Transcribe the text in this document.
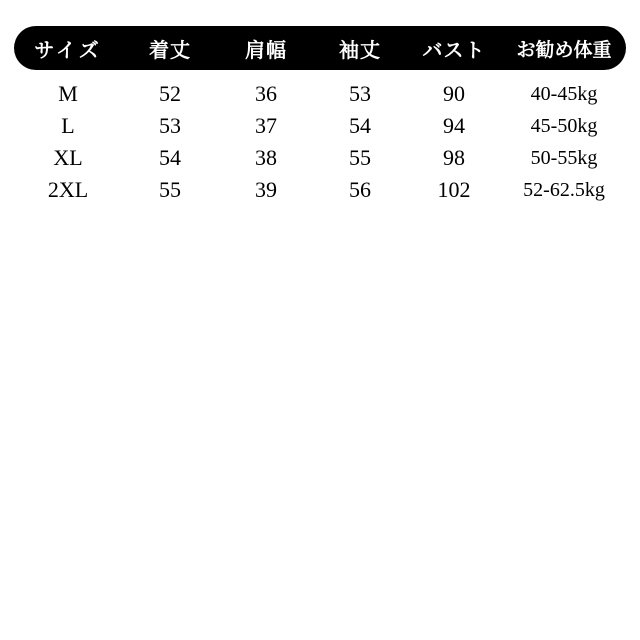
サイズ	着丈	肩幅	袖丈	バスト	お勧め体重
M	52	36	53	90	40-45kg
L	53	37	54	94	45-50kg
XL	54	38	55	98	50-55kg
2XL	55	39	56	102	52-62.5kg
